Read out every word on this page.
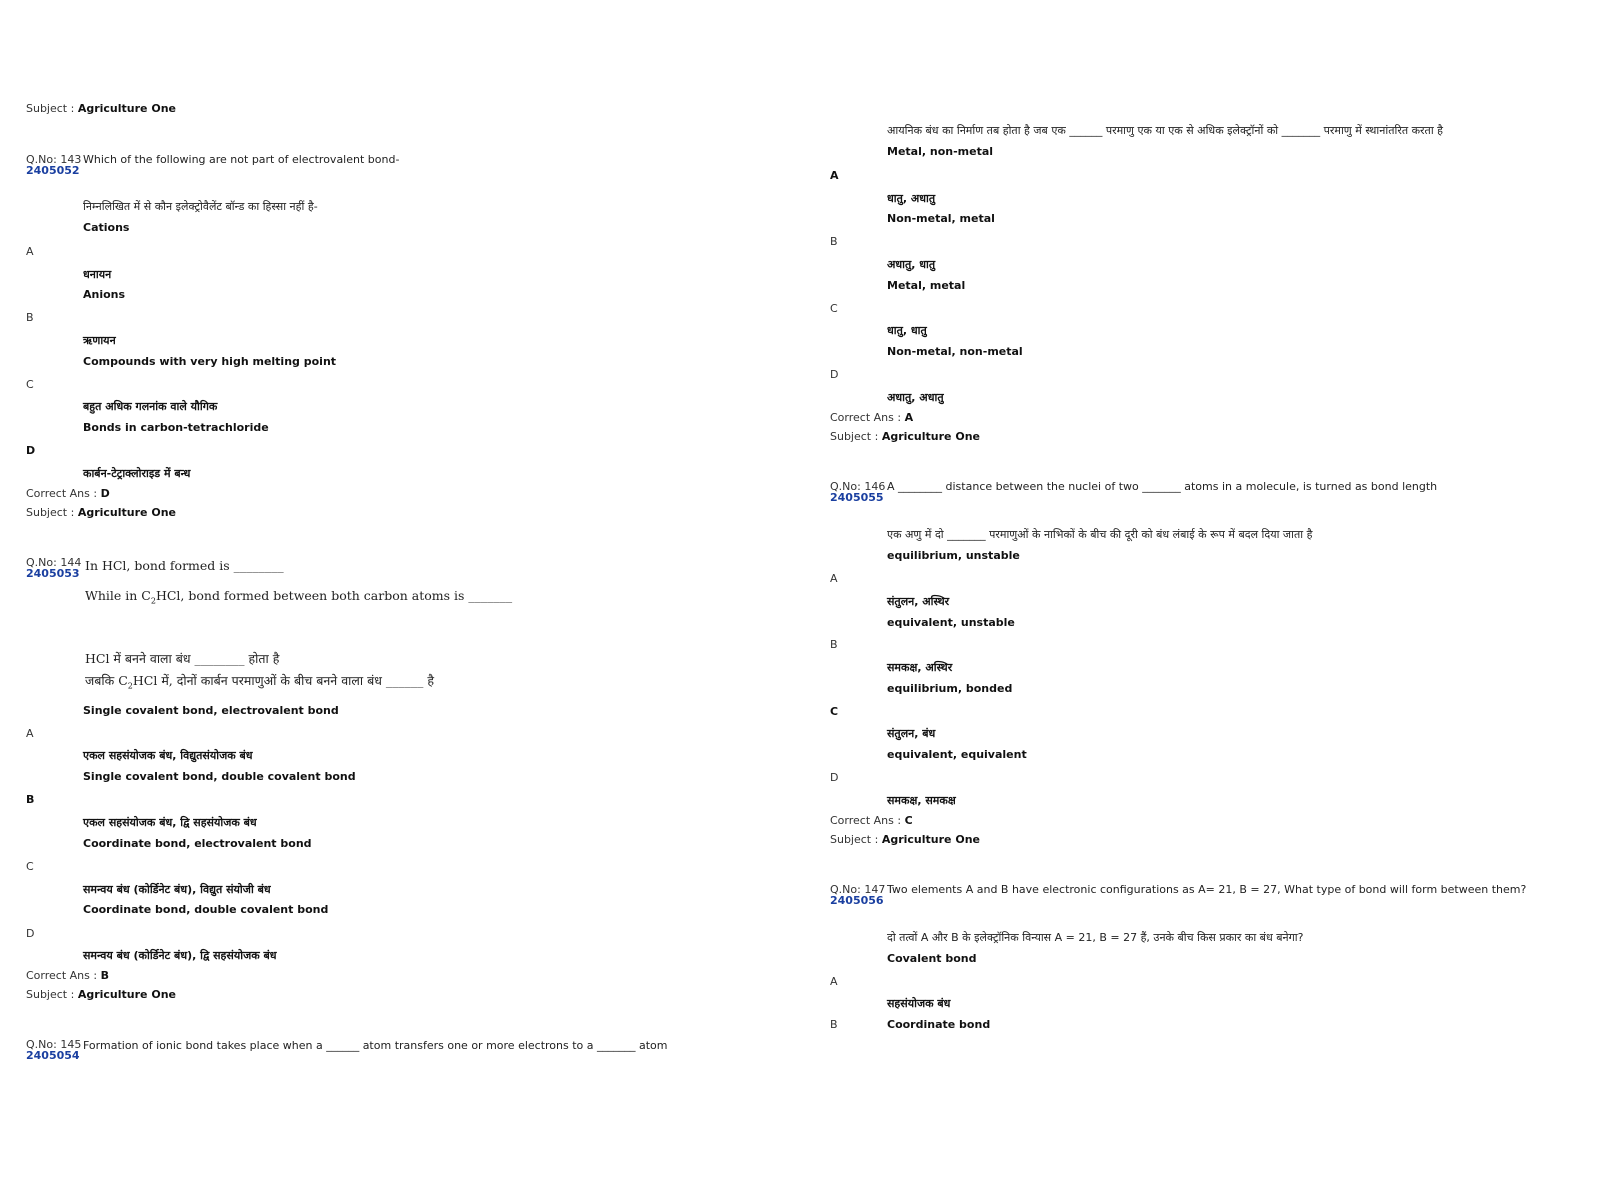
Subject : Agriculture One
Q.No: 143
2405052
Which of the following are not part of electrovalent bond-
निम्नलिखित में से कौन इलेक्ट्रोवैलेंट बॉन्ड का हिस्सा नहीं है-
Cations
A
धनायन
Anions
B
ऋणायन
Compounds with very high melting point
C
बहुत अधिक गलनांक वाले यौगिक
Bonds in carbon-tetrachloride
D
कार्बन-टेट्राक्लोराइड में बन्ध
Correct Ans : D
Subject : Agriculture One
Q.No: 144
2405053
In HCl, bond formed is ________
While in $C_2HCl$, bond formed between both carbon atoms is _______
HCl में बनने वाला बंध ________ होता है
जबकि $C_2HCl$ में, दोनों कार्बन परमाणुओं के बीच बनने वाला बंध ______ है
Single covalent bond, electrovalent bond
A
एकल सहसंयोजक बंध, विद्युतसंयोजक बंध
Single covalent bond, double covalent bond
B
एकल सहसंयोजक बंध, द्वि सहसंयोजक बंध
Coordinate bond, electrovalent bond
C
समन्वय बंध (कोर्डिनेट बंध), विद्युत संयोजी बंध
Coordinate bond, double covalent bond
D
समन्वय बंध (कोर्डिनेट बंध), द्वि सहसंयोजक बंध
Correct Ans : B
Subject : Agriculture One
Q.No: 145
2405054
Formation of ionic bond takes place when a ______ atom transfers one or more electrons to a _______ atom
आयनिक बंध का निर्माण तब होता है जब एक ______ परमाणु एक या एक से अधिक इलेक्ट्रॉनों को _______ परमाणु में स्थानांतरित करता है
Metal, non-metal
A
धातु, अधातु
Non-metal, metal
B
अधातु, धातु
Metal, metal
C
धातु, धातु
Non-metal, non-metal
D
अधातु, अधातु
Correct Ans : A
Subject : Agriculture One
Q.No: 146
2405055
A ________ distance between the nuclei of two _______ atoms in a molecule, is turned as bond length
एक अणु में दो _______ परमाणुओं के नाभिकों के बीच की दूरी को बंध लंबाई के रूप में बदल दिया जाता है
equilibrium, unstable
A
संतुलन, अस्थिर
equivalent, unstable
B
समकक्ष, अस्थिर
equilibrium, bonded
C
संतुलन, बंध
equivalent, equivalent
D
समकक्ष, समकक्ष
Correct Ans : C
Subject : Agriculture One
Q.No: 147
2405056
Two elements A and B have electronic configurations as A= 21, B = 27, What type of bond will form between them?
दो तत्वों A और B के इलेक्ट्रॉनिक विन्यास A = 21, B = 27 हैं, उनके बीच किस प्रकार का बंध बनेगा?
Covalent bond
A
सहसंयोजक बंध
B	Coordinate bond
